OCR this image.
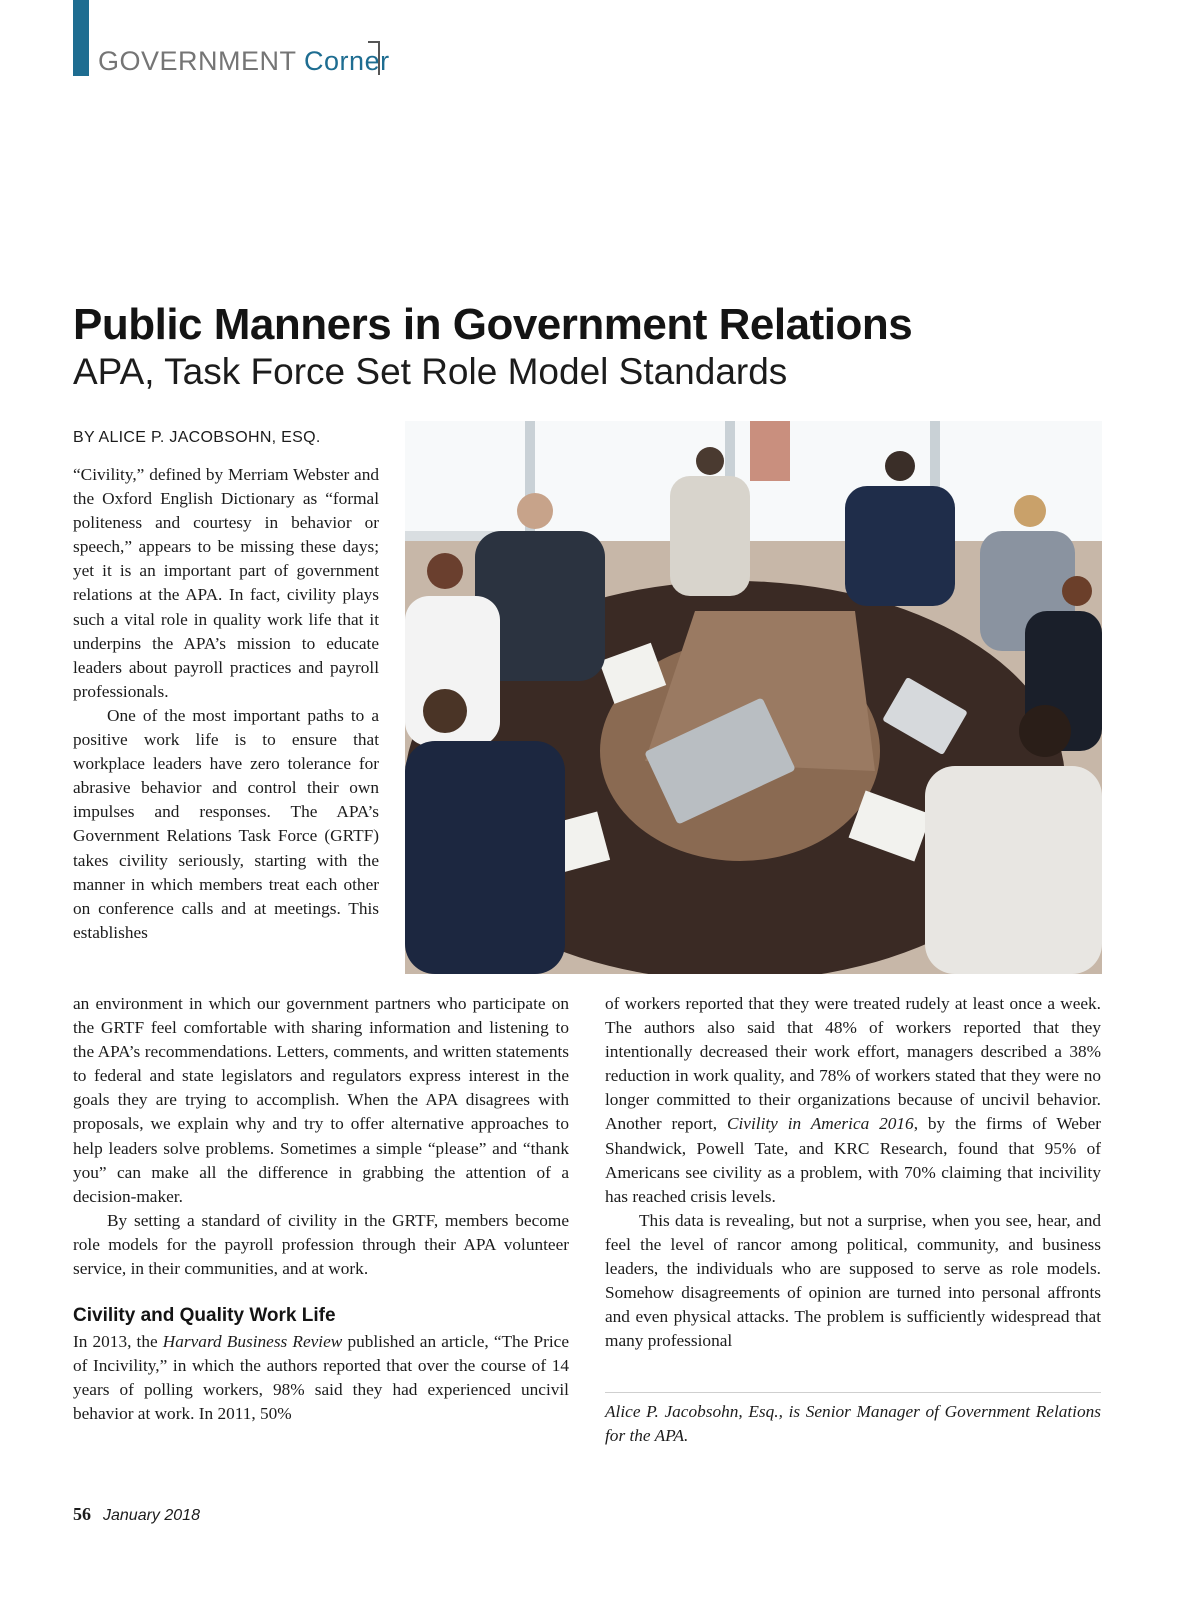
GOVERNMENT Corner
Public Manners in Government Relations
APA, Task Force Set Role Model Standards
BY ALICE P. JACOBSOHN, ESQ.

“Civility,” defined by Merriam Webster and the Oxford English Dictionary as “formal politeness and courtesy in behavior or speech,” appears to be missing these days; yet it is an important part of government relations at the APA. In fact, civility plays such a vital role in quality work life that it underpins the APA’s mission to educate leaders about payroll practices and payroll professionals.

One of the most important paths to a positive work life is to ensure that workplace leaders have zero tolerance for abrasive behavior and control their own impulses and responses. The APA’s Government Relations Task Force (GRTF) takes civility seriously, starting with the manner in which members treat each other on conference calls and at meetings. This establishes

an environment in which our government partners who participate on the GRTF feel comfortable with sharing information and listening to the APA’s recommendations. Letters, comments, and written statements to federal and state legislators and regulators express interest in the goals they are trying to accomplish. When the APA disagrees with proposals, we explain why and try to offer alternative approaches to help leaders solve problems. Sometimes a simple “please” and “thank you” can make all the difference in grabbing the attention of a decision-maker.

By setting a standard of civility in the GRTF, members become role models for the payroll profession through their APA volunteer service, in their communities, and at work.

Civility and Quality Work Life

In 2013, the Harvard Business Review published an article, “The Price of Incivility,” in which the authors reported that over the course of 14 years of polling workers, 98% said they had experienced uncivil behavior at work. In 2011, 50%

of workers reported that they were treated rudely at least once a week. The authors also said that 48% of workers reported that they intentionally decreased their work effort, managers described a 38% reduction in work quality, and 78% of workers stated that they were no longer committed to their organizations because of uncivil behavior. Another report, Civility in America 2016, by the firms of Weber Shandwick, Powell Tate, and KRC Research, found that 95% of Americans see civility as a problem, with 70% claiming that incivility has reached crisis levels.

This data is revealing, but not a surprise, when you see, hear, and feel the level of rancor among political, community, and business leaders, the individuals who are supposed to serve as role models. Somehow disagreements of opinion are turned into personal affronts and even physical attacks. The problem is sufficiently widespread that many professional

Alice P. Jacobsohn, Esq., is Senior Manager of Government Relations for the APA.
56 January 2018
